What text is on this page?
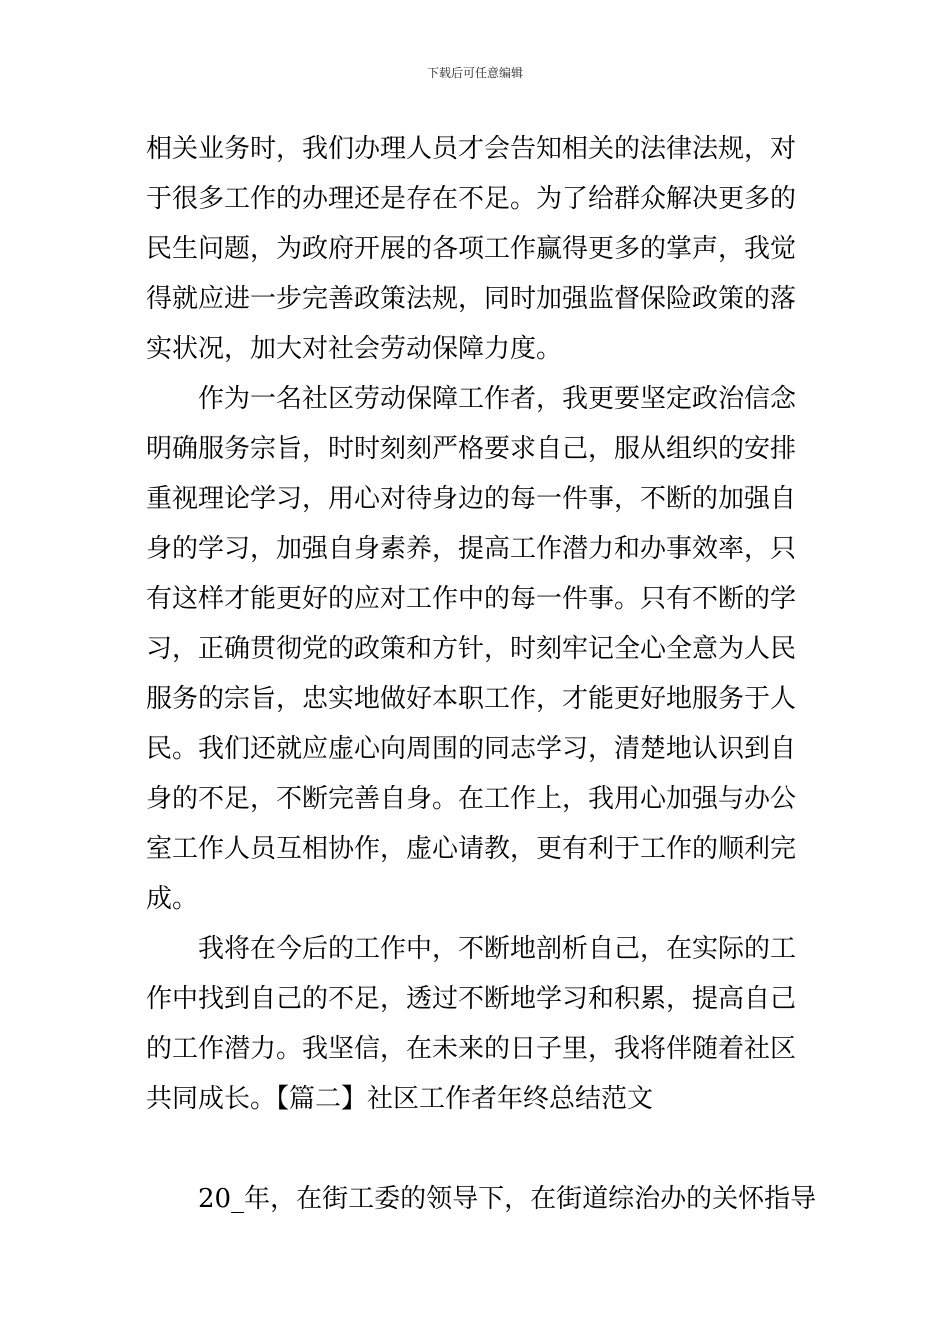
下载后可任意编辑
相关业务时，我们办理人员才会告知相关的法律法规，对
于很多工作的办理还是存在不足。为了给群众解决更多的
民生问题，为政府开展的各项工作赢得更多的掌声，我觉
得就应进一步完善政策法规，同时加强监督保险政策的落
实状况，加大对社会劳动保障力度。
　　作为一名社区劳动保障工作者，我更要坚定政治信念
明确服务宗旨，时时刻刻严格要求自己，服从组织的安排
重视理论学习，用心对待身边的每一件事，不断的加强自
身的学习，加强自身素养，提高工作潜力和办事效率，只
有这样才能更好的应对工作中的每一件事。只有不断的学
习，正确贯彻党的政策和方针，时刻牢记全心全意为人民
服务的宗旨，忠实地做好本职工作，才能更好地服务于人
民。我们还就应虚心向周围的同志学习，清楚地认识到自
身的不足，不断完善自身。在工作上，我用心加强与办公
室工作人员互相协作，虚心请教，更有利于工作的顺利完
成。
　　我将在今后的工作中，不断地剖析自己，在实际的工
作中找到自己的不足，透过不断地学习和积累，提高自己
的工作潜力。我坚信，在未来的日子里，我将伴随着社区
共同成长。【篇二】社区工作者年终总结范文
　　20_年，在街工委的领导下，在街道综治办的关怀指导
